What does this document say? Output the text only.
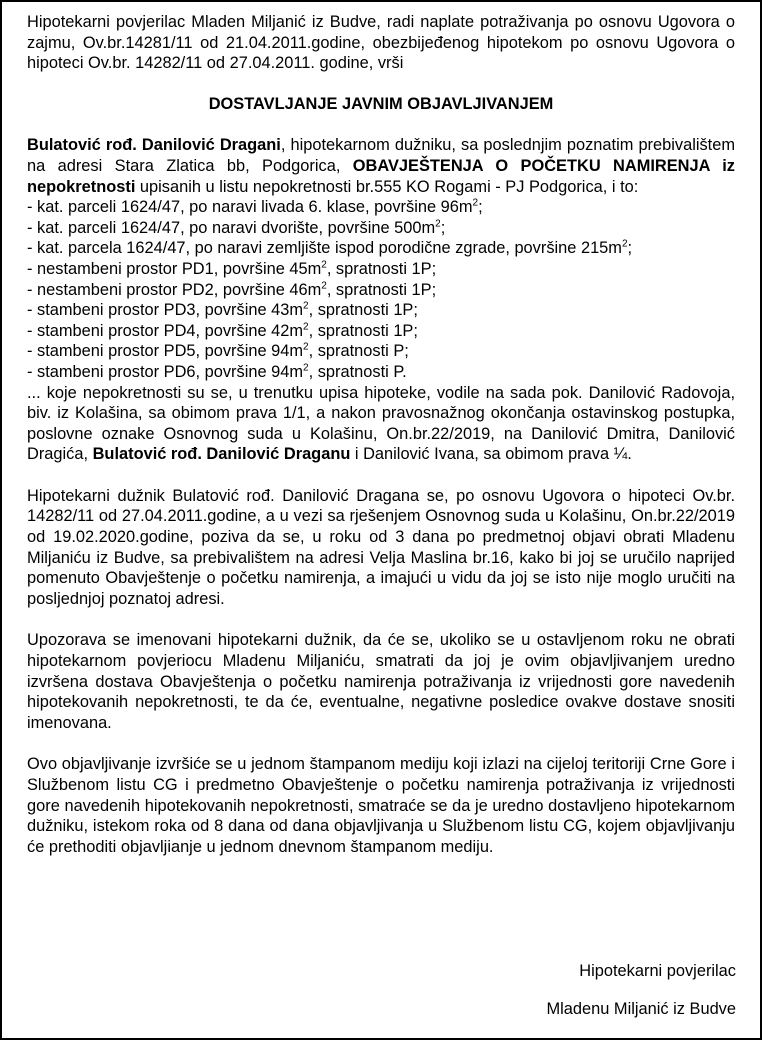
Hipotekarni povjerilac Mladen Miljanić iz Budve, radi naplate potraživanja po osnovu Ugovora o zajmu, Ov.br.14281/11 od 21.04.2011.godine, obezbijeđenog hipotekom po osnovu Ugovora o hipoteci Ov.br. 14282/11 od 27.04.2011. godine, vrši

DOSTAVLJANJE JAVNIM OBJAVLJIVANJEM

Bulatović rođ. Danilović Dragani, hipotekarnom dužniku, sa poslednjim poznatim prebivalištem na adresi Stara Zlatica bb, Podgorica, OBAVJEŠTENJA O POČETKU NAMIRENJA iz nepokretnosti upisanih u listu nepokretnosti br.555 KO Rogami - PJ Podgorica, i to:

- kat. parceli 1624/47, po naravi livada 6. klase, površine $96m^2$;
- kat. parceli 1624/47, po naravi dvorište, površine $500m^2$;
- kat. parcela 1624/47, po naravi zemljište ispod porodične zgrade, površine $215m^2$;
- nestambeni prostor PD1, površine $45m^2$, spratnosti 1P;
- nestambeni prostor PD2, površine $46m^2$, spratnosti 1P;
- stambeni prostor PD3, površine $43m^2$, spratnosti 1P;
- stambeni prostor PD4, površine $42m^2$, spratnosti 1P;
- stambeni prostor PD5, površine $94m^2$, spratnosti P;
- stambeni prostor PD6, površine $94m^2$, spratnosti P.

... koje nepokretnosti su se, u trenutku upisa hipoteke, vodile na sada pok. Danilović Radovoja, biv. iz Kolašina, sa obimom prava 1/1, a nakon pravosnažnog okončanja ostavinskog postupka, poslovne oznake Osnovnog suda u Kolašinu, On.br.22/2019, na Danilović Dmitra, Danilović Dragića, Bulatović rođ. Danilović Draganu i Danilović Ivana, sa obimom prava ¼.

Hipotekarni dužnik Bulatović rođ. Danilović Dragana se, po osnovu Ugovora o hipoteci Ov.br. 14282/11 od 27.04.2011.godine, a u vezi sa rješenjem Osnovnog suda u Kolašinu, On.br.22/2019 od 19.02.2020.godine, poziva da se, u roku od 3 dana po predmetnoj objavi obrati Mladenu Miljaniću iz Budve, sa prebivalištem na adresi Velja Maslina br.16, kako bi joj se uručilo naprijed pomenuto Obavještenje o početku namirenja, a imajući u vidu da joj se isto nije moglo uručiti na posljednjoj poznatoj adresi.

Upozorava se imenovani hipotekarni dužnik, da će se, ukoliko se u ostavljenom roku ne obrati hipotekarnom povjeriocu Mladenu Miljaniću, smatrati da joj je ovim objavljivanjem uredno izvršena dostava Obavještenja o početku namirenja potraživanja iz vrijednosti gore navedenih hipotekovanih nepokretnosti, te da će, eventualne, negativne posledice ovakve dostave snositi imenovana.

Ovo objavljivanje izvršiće se u jednom štampanom mediju koji izlazi na cijeloj teritoriji Crne Gore i Službenom listu CG i predmetno Obavještenje o početku namirenja potraživanja iz vrijednosti gore navedenih hipotekovanih nepokretnosti, smatraće se da je uredno dostavljeno hipotekarnom dužniku, istekom roka od 8 dana od dana objavljivanja u Službenom listu CG, kojem objavljivanju će prethoditi objavljianje u jednom dnevnom štampanom mediju.

Hipotekarni povjerilac
Mladenu Miljanić iz Budve
